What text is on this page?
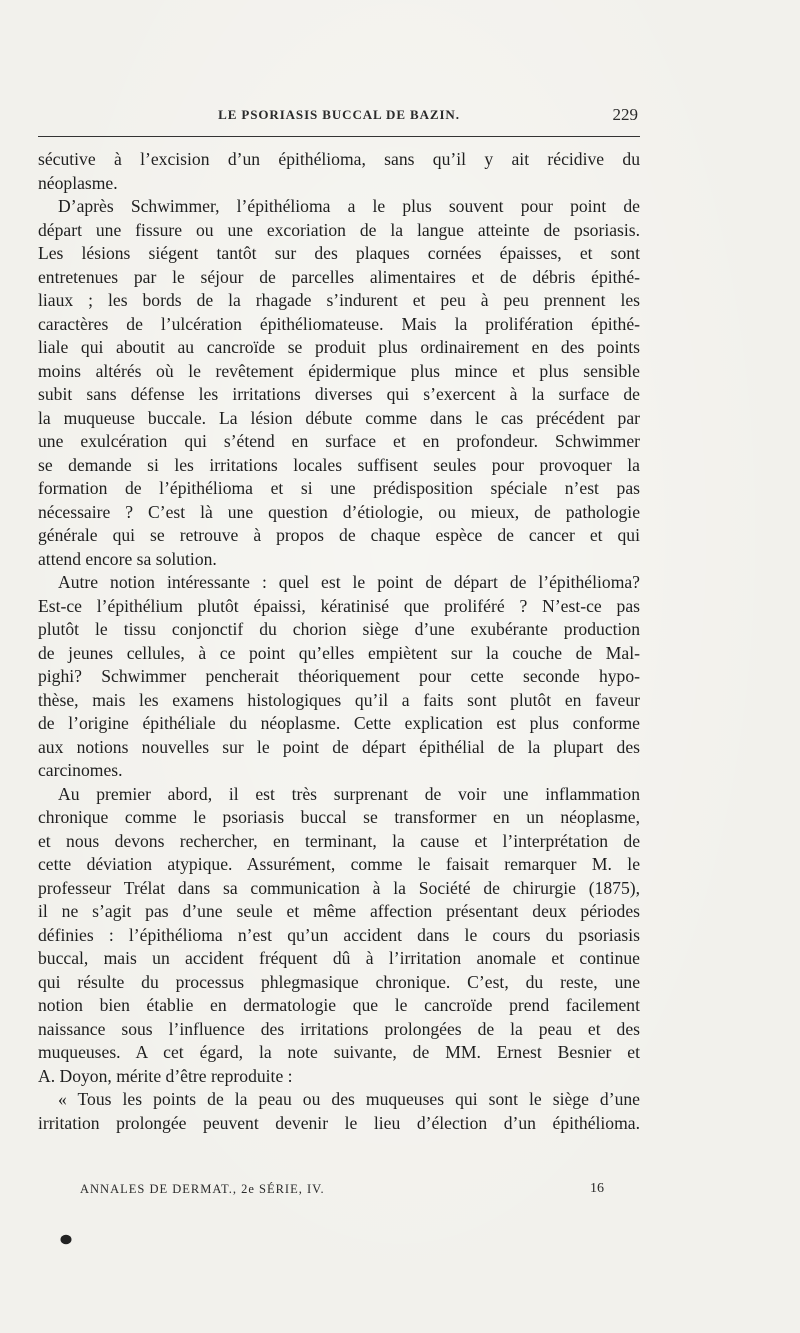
LE PSORIASIS BUCCAL DE BAZIN.	229
sécutive à l’excision d’un épithélioma, sans qu’il y ait récidive du
néoplasme.
D’après Schwimmer, l’épithélioma a le plus souvent pour point de
départ une fissure ou une excoriation de la langue atteinte de psoriasis.
Les lésions siégent tantôt sur des plaques cornées épaisses, et sont
entretenues par le séjour de parcelles alimentaires et de débris épithé-
liaux ; les bords de la rhagade s’indurent et peu à peu prennent les
caractères de l’ulcération épithéliomateuse. Mais la prolifération épithé-
liale qui aboutit au cancroïde se produit plus ordinairement en des points
moins altérés où le revêtement épidermique plus mince et plus sensible
subit sans défense les irritations diverses qui s’exercent à la surface de
la muqueuse buccale. La lésion débute comme dans le cas précédent par
une exulcération qui s’étend en surface et en profondeur. Schwimmer
se demande si les irritations locales suffisent seules pour provoquer la
formation de l’épithélioma et si une prédisposition spéciale n’est pas
nécessaire ? C’est là une question d’étiologie, ou mieux, de pathologie
générale qui se retrouve à propos de chaque espèce de cancer et qui
attend encore sa solution.
Autre notion intéressante : quel est le point de départ de l’épithélioma?
Est-ce l’épithélium plutôt épaissi, kératinisé que proliféré ? N’est-ce pas
plutôt le tissu conjonctif du chorion siège d’une exubérante production
de jeunes cellules, à ce point qu’elles empiètent sur la couche de Mal-
pighi? Schwimmer pencherait théoriquement pour cette seconde hypo-
thèse, mais les examens histologiques qu’il a faits sont plutôt en faveur
de l’origine épithéliale du néoplasme. Cette explication est plus conforme
aux notions nouvelles sur le point de départ épithélial de la plupart des
carcinomes.
Au premier abord, il est très surprenant de voir une inflammation
chronique comme le psoriasis buccal se transformer en un néoplasme,
et nous devons rechercher, en terminant, la cause et l’interprétation de
cette déviation atypique. Assurément, comme le faisait remarquer M. le
professeur Trélat dans sa communication à la Société de chirurgie (1875),
il ne s’agit pas d’une seule et même affection présentant deux périodes
définies : l’épithélioma n’est qu’un accident dans le cours du psoriasis
buccal, mais un accident fréquent dû à l’irritation anomale et continue
qui résulte du processus phlegmasique chronique. C’est, du reste, une
notion bien établie en dermatologie que le cancroïde prend facilement
naissance sous l’influence des irritations prolongées de la peau et des
muqueuses. A cet égard, la note suivante, de MM. Ernest Besnier et
A. Doyon, mérite d’être reproduite :
« Tous les points de la peau ou des muqueuses qui sont le siège d’une
irritation prolongée peuvent devenir le lieu d’élection d’un épithélioma.
ANNALES DE DERMAT., 2e SÉRIE, IV.	16
